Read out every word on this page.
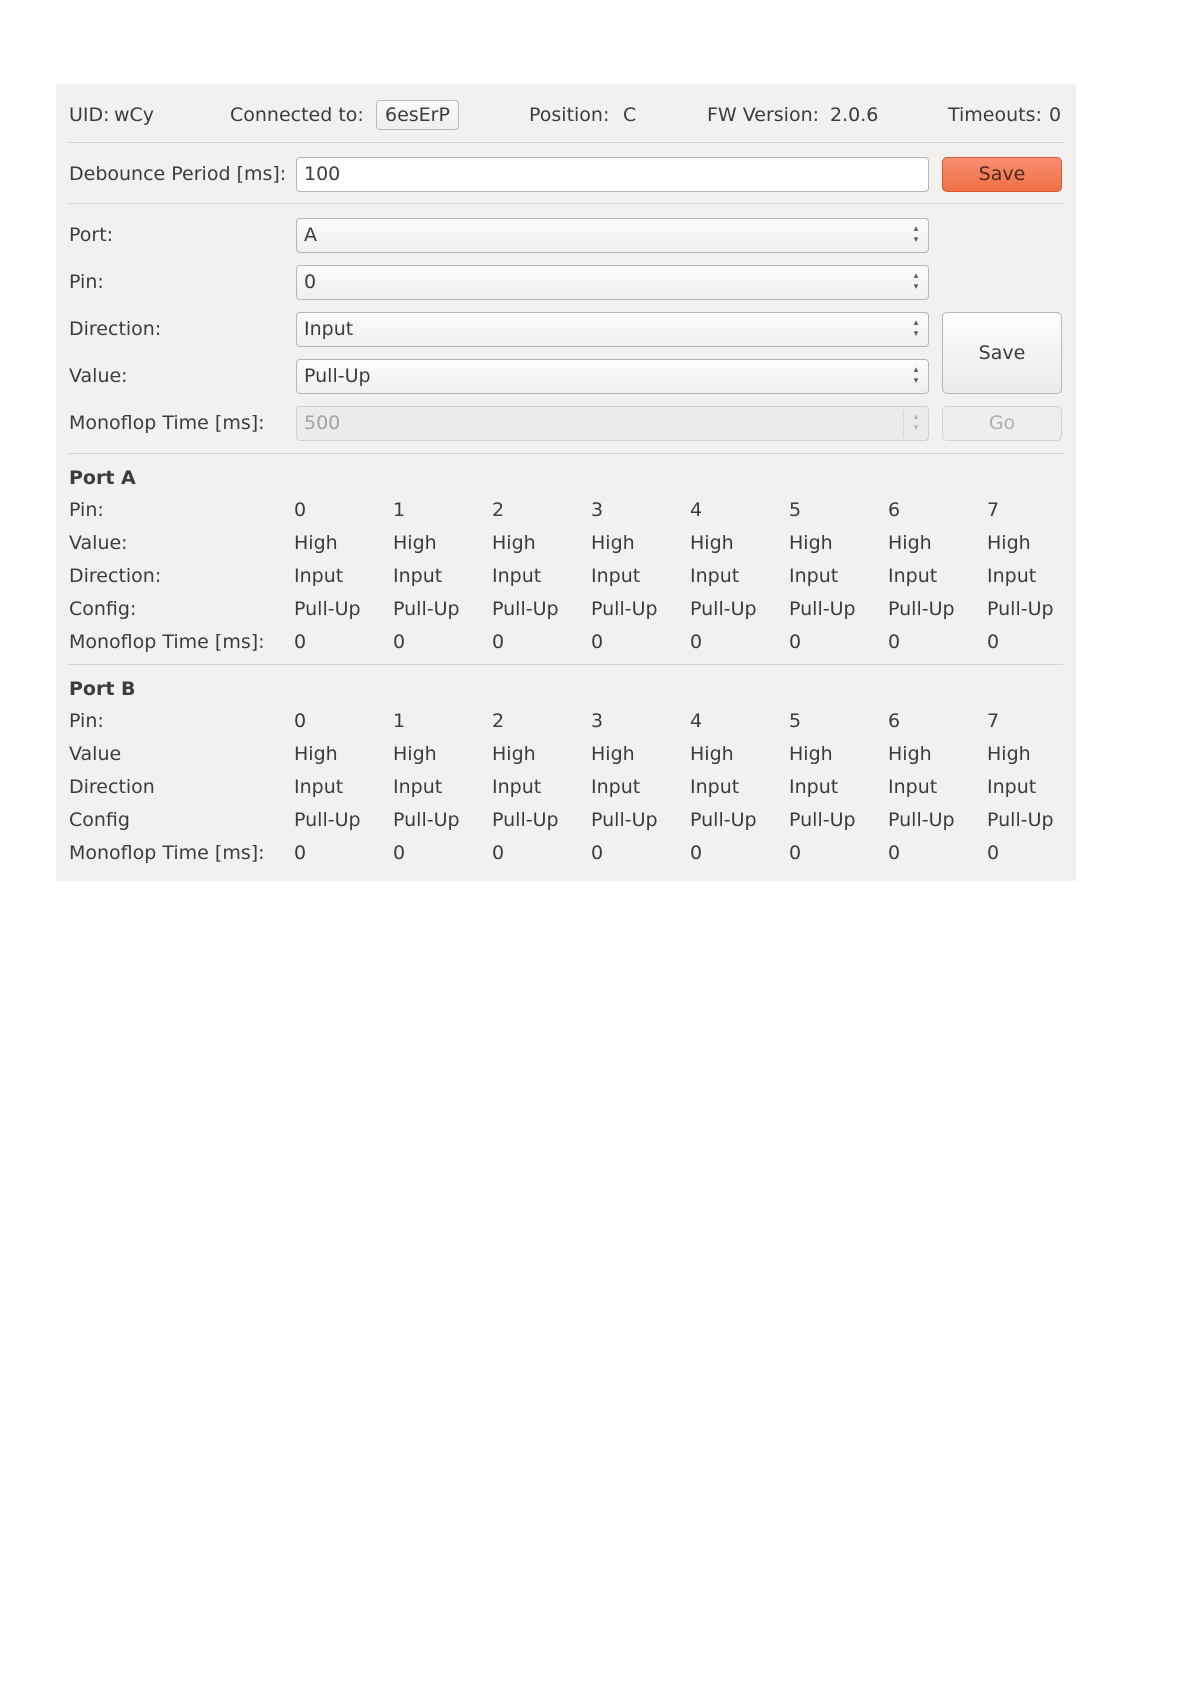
UID: wCy	Connected to:	6esErP	Position: C	FW Version: 2.0.6	Timeouts: 0
Debounce Period [ms]: 100	Save
Port:	A	▴
▾
Pin:	0	▴
▾
Direction:	Input	▴
▾
Value:	Pull-Up	▴
▾
Save
Monoflop Time [ms]:	500	▴
▾	Go
Port A
Pin:	0	1	2	3	4	5	6	7
Value:	High	High	High	High	High	High	High	High
Direction:	Input	Input	Input	Input	Input	Input	Input	Input
Config:	Pull-Up Pull-Up Pull-Up Pull-Up Pull-Up Pull-Up Pull-Up Pull-Up
Monoflop Time [ms]: 0	0	0	0	0	0	0	0
Port B
Pin:	0	1	2	3	4	5	6	7
Value	High	High	High	High	High	High	High	High
Direction	Input	Input	Input	Input	Input	Input	Input	Input
Config	Pull-Up Pull-Up Pull-Up Pull-Up Pull-Up Pull-Up Pull-Up Pull-Up
Monoflop Time [ms]: 0	0	0	0	0	0	0	0
